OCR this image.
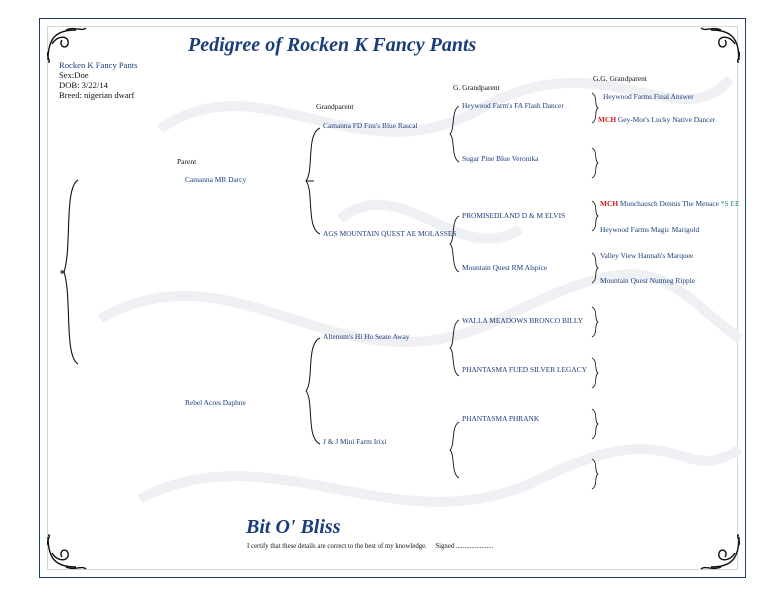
Pedigree of Rocken K Fancy Pants
Rocken K Fancy Pants
Sex:Doe
DOB: 3/22/14
Breed: nigerian dwarf
Parent
Grandparent
G. Grandparent
G.G. Grandparent
Camanna MR Darcy
Rebel Acres Daphne
Camanna FD Fini's Blue Rascal
AGS MOUNTAIN QUEST AE MOLASSES
Altenum's Hi Ho Seate Away
J & J Mini Farm Irixi
Heywood Farm's FA Flash Dancer
Sugar Pine Blue Veronika
PROMISEDLAND D & M ELVIS
Mountain Quest RM Alspice
WALLA MEADOWS BRONCO BILLY
PHANTASMA FUED SILVER LEGACY
PHANTASMA PHRANK
Heywood Farms Final Answer
MCH Gey-Mor's Lucky Native Dancer
MCH Munchausch Dennis The Menace *S EE
Heywood Farms Magic Marigold
Valley View Hannah's Marquee
Mountain Quest Nutmeg Ripple
Bit O' Bliss
I certify that these details are correct to the best of my knowledge. Signed ......................
